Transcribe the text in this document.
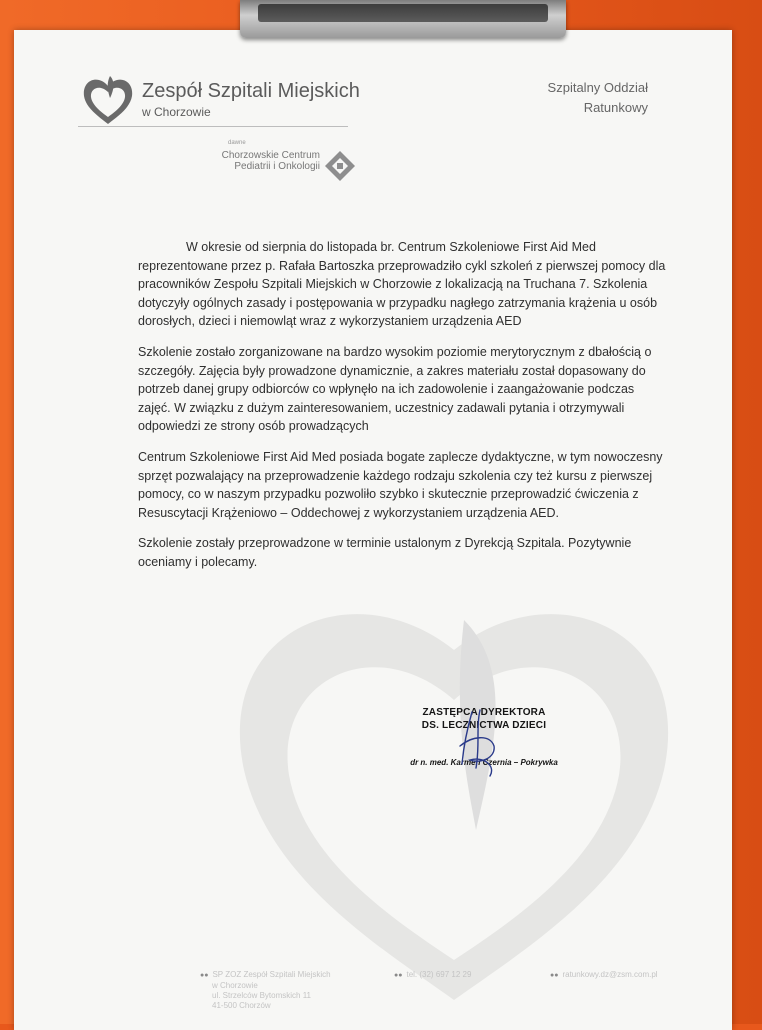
Zespół Szpitali Miejskich
w Chorzowie
dawne
Chorzowskie Centrum
Pediatrii i Onkologii
Szpitalny Oddział
Ratunkowy

W okresie od sierpnia do listopada br. Centrum Szkoleniowe First Aid Med reprezentowane przez p. Rafała Bartoszka przeprowadziło cykl szkoleń z pierwszej pomocy dla pracowników Zespołu Szpitali Miejskich w Chorzowie z lokalizacją na Truchana 7. Szkolenia dotyczyły ogólnych zasady i postępowania w przypadku nagłego zatrzymania krążenia u osób dorosłych, dzieci i niemowląt wraz z wykorzystaniem urządzenia AED

Szkolenie zostało zorganizowane na bardzo wysokim poziomie merytorycznym z dbałością o szczegóły. Zajęcia były prowadzone dynamicznie, a zakres materiału został dopasowany do potrzeb danej grupy odbiorców co wpłynęło na ich zadowolenie i zaangażowanie podczas zajęć. W związku z dużym zainteresowaniem, uczestnicy zadawali pytania i otrzymywali odpowiedzi ze strony osób prowadzących

Centrum Szkoleniowe First Aid Med posiada bogate zaplecze dydaktyczne, w tym nowoczesny sprzęt pozwalający na przeprowadzenie każdego rodzaju szkolenia czy też kursu z pierwszej pomocy, co w naszym przypadku pozwoliło szybko i skutecznie przeprowadzić ćwiczenia z Resuscytacji Krążeniowo – Oddechowej z wykorzystaniem urządzenia AED.

Szkolenie zostały przeprowadzone w terminie ustalonym z Dyrekcją Szpitala. Pozytywnie oceniamy i polecamy.

ZASTĘPCA DYREKTORA
DS. LECZNICTWA DZIECI
dr n. med. Karmen Czernia – Pokrywka
●● SP ZOZ Zespół Szpitali Miejskich
w Chorzowie
ul. Strzelców Bytomskich 11
41-500 Chorzów
●● tel. (32) 697 12 29	●● ratunkowy.dz@zsm.com.pl
